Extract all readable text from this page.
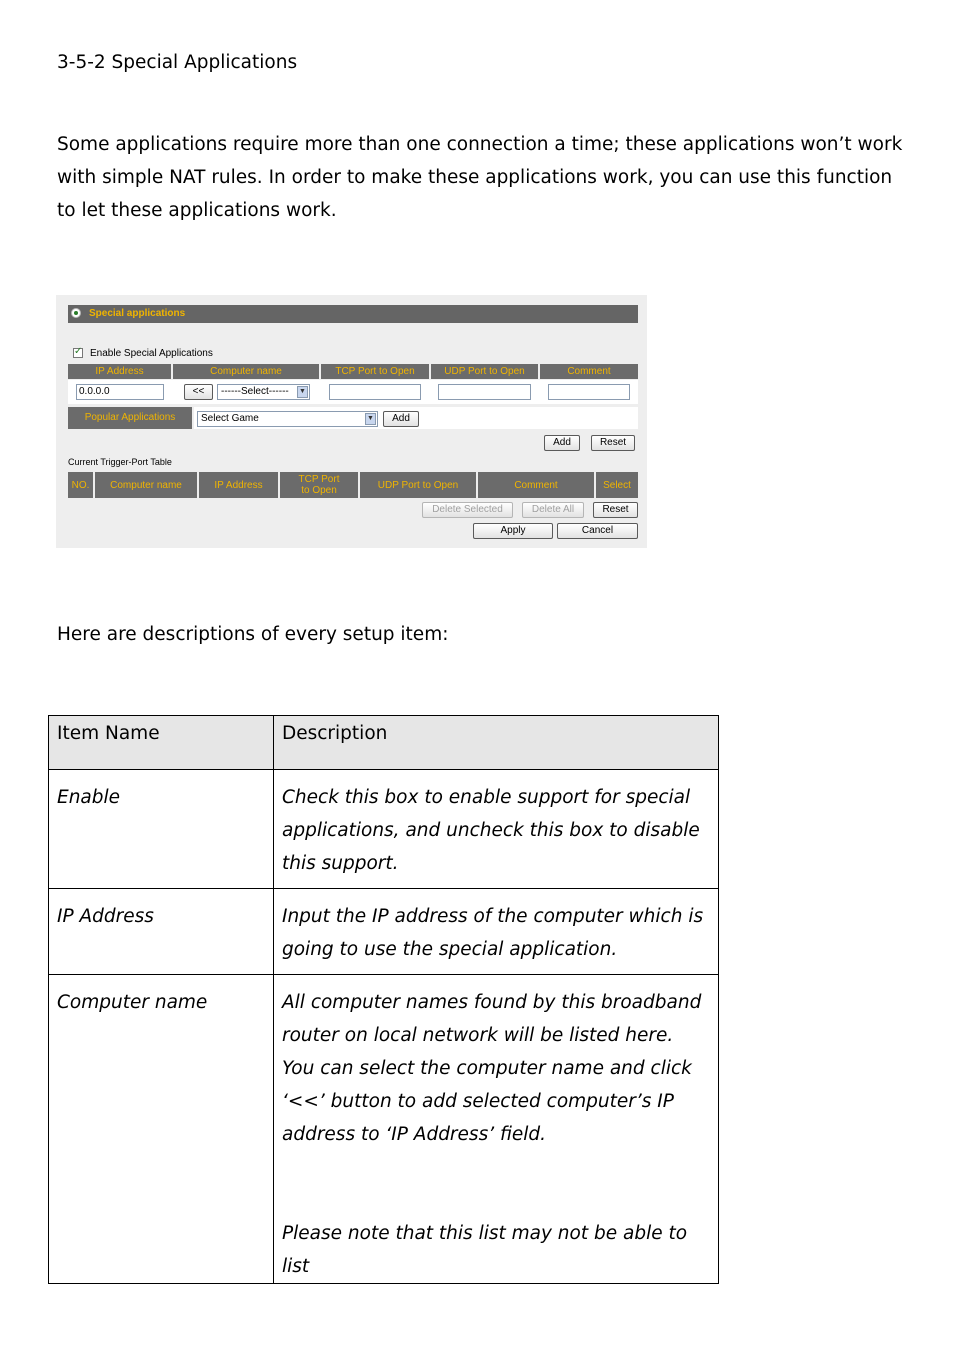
3-5-2 Special Applications
Some applications require more than one connection a time; these applications won’t work with simple NAT rules. In order to make these applications work, you can use this function to let these applications work.
Special applications
✓
Enable Special Applications
IP Address	Computer name	TCP Port to Open	UDP Port to Open	Comment
0.0.0.0	<<	------Select------ ▼
Popular Applications	Select Game	▼	Add
Add	Reset
Current Trigger-Port Table
NO.	Computer name	IP Address	TCP Port to Open	UDP Port to Open	Comment	Select
Delete Selected	Delete All	Reset
Apply	Cancel
Here are descriptions of every setup item:
Item Name	Description
Enable	Check this box to enable support for special applications, and uncheck this box to disable this support.
IP Address	Input the IP address of the computer which is going to use the special application.
Computer name	All computer names found by this broadband router on local network will be listed here. You can select the computer name and click ‘<<’ button to add selected computer’s IP address to ‘IP Address’ field.
Please note that this list may not be able to list
